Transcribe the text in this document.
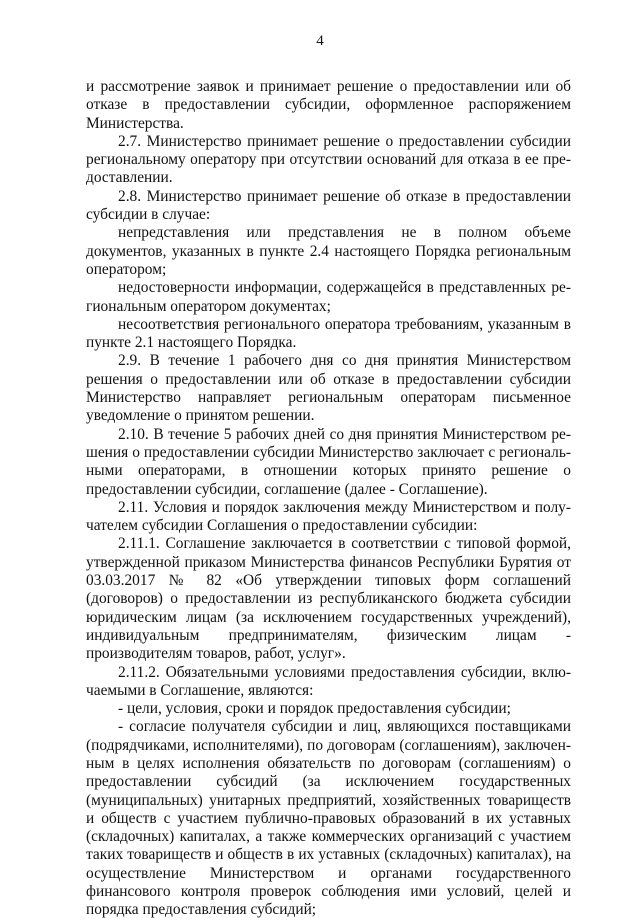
4

и рассмотрение заявок и принимает решение о предоставлении или об отказе в предоставлении субсидии, оформленное распоряжением Министерства.

2.7. Министерство принимает решение о предоставлении субсидии региональному оператору при отсутствии оснований для отказа в ее предоставлении.

2.8. Министерство принимает решение об отказе в предоставлении субсидии в случае:

непредставления или представления не в полном объеме документов, указанных в пункте 2.4 настоящего Порядка региональным оператором;

недостоверности информации, содержащейся в представленных региональным оператором документах;

несоответствия регионального оператора требованиям, указанным в пункте 2.1 настоящего Порядка.

2.9. В течение 1 рабочего дня со дня принятия Министерством решения о предоставлении или об отказе в предоставлении субсидии Министерство направляет региональным операторам письменное уведомление о принятом решении.

2.10. В течение 5 рабочих дней со дня принятия Министерством решения о предоставлении субсидии Министерство заключает с региональными операторами, в отношении которых принято решение о предоставлении субсидии, соглашение (далее - Соглашение).

2.11. Условия и порядок заключения между Министерством и получателем субсидии Соглашения о предоставлении субсидии:

2.11.1. Соглашение заключается в соответствии с типовой формой, утвержденной приказом Министерства финансов Республики Бурятия от 03.03.2017 № 82 «Об утверждении типовых форм соглашений (договоров) о предоставлении из республиканского бюджета субсидии юридическим лицам (за исключением государственных учреждений), индивидуальным предпринимателям, физическим лицам - производителям товаров, работ, услуг».

2.11.2. Обязательными условиями предоставления субсидии, включаемыми в Соглашение, являются:

- цели, условия, сроки и порядок предоставления субсидии;

- согласие получателя субсидии и лиц, являющихся поставщиками (подрядчиками, исполнителями), по договорам (соглашениям), заключенным в целях исполнения обязательств по договорам (соглашениям) о предоставлении субсидий (за исключением государственных (муниципальных) унитарных предприятий, хозяйственных товариществ и обществ с участием публично-правовых образований в их уставных (складочных) капиталах, а также коммерческих организаций с участием таких товариществ и обществ в их уставных (складочных) капиталах), на осуществление Министерством и органами государственного финансового контроля проверок соблюдения ими условий, целей и порядка предоставления субсидий;
